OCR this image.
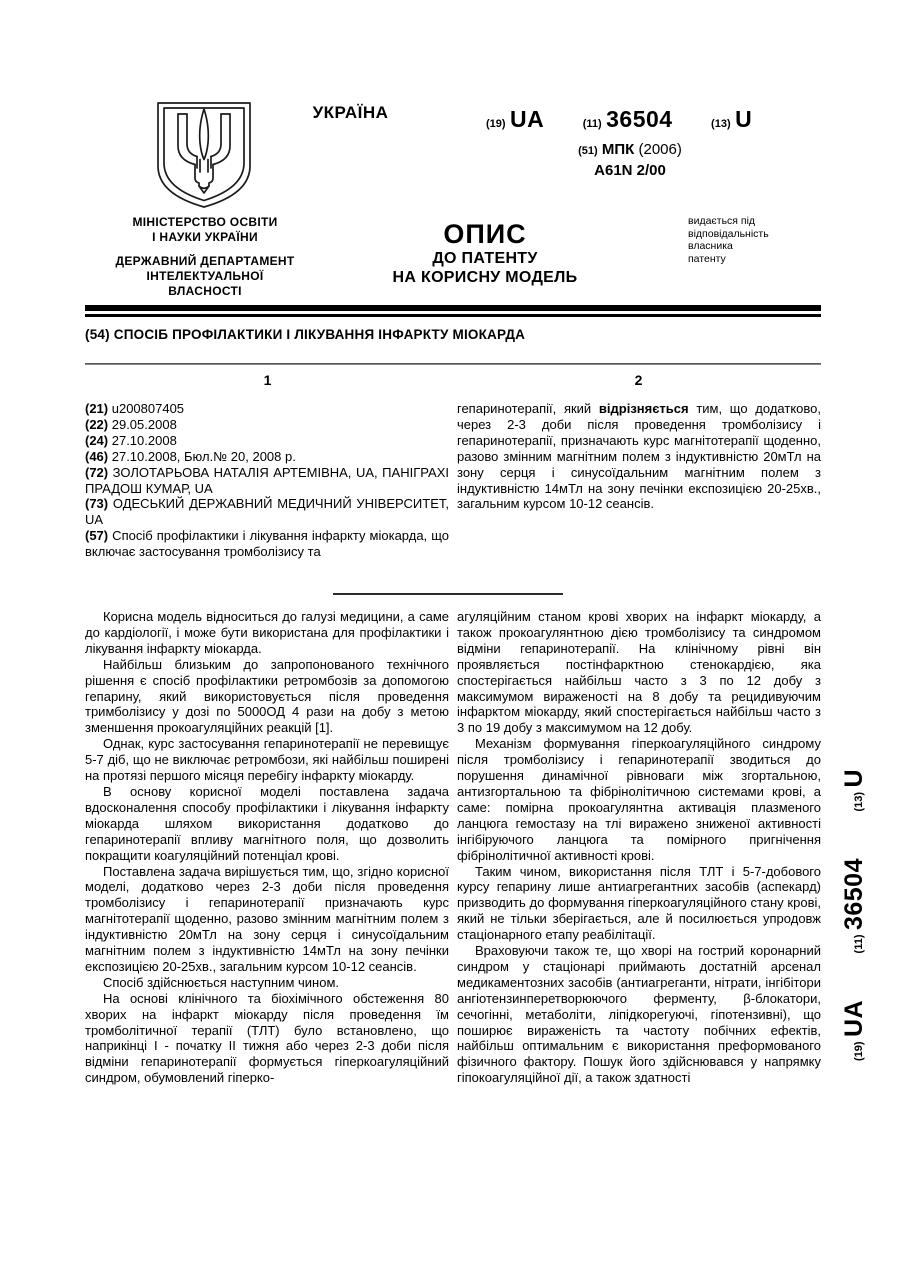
МІНІСТЕРСТВО ОСВІТИ
І НАУКИ УКРАЇНИ
ДЕРЖАВНИЙ ДЕПАРТАМЕНТ
ІНТЕЛЕКТУАЛЬНОЇ
ВЛАСНОСТІ
УКРАЇНА
(19) UA	(11) 36504	(13) U
(51) МПК (2006)
A61N 2/00
ОПИС
ДО ПАТЕНТУ
НА КОРИСНУ МОДЕЛЬ
видається під
відповідальність
власника
патенту
(54) СПОСІБ ПРОФІЛАКТИКИ І ЛІКУВАННЯ ІНФАРКТУ МІОКАРДА
1	2
(21) u200807405
(22) 29.05.2008
(24) 27.10.2008
(46) 27.10.2008, Бюл.№ 20, 2008 р.
(72) ЗОЛОТАРЬОВА НАТАЛІЯ АРТЕМІВНА, UA, ПАНІГРАХІ ПРАДОШ КУМАР, UA
(73) ОДЕСЬКИЙ ДЕРЖАВНИЙ МЕДИЧНИЙ УНІВЕРСИТЕТ, UA
(57) Спосіб профілактики і лікування інфаркту міокарда, що включає застосування тромболізису та
гепаринотерапії, який відрізняється тим, що додатково, через 2-3 доби після проведення тромболізису і гепаринотерапії, призначають курс магнітотерапії щоденно, разово змінним магнітним полем з індуктивністю 20мТл на зону серця і синусоїдальним магнітним полем з індуктивністю 14мТл на зону печінки експозицією 20-25хв., загальним курсом 10-12 сеансів.

Корисна модель відноситься до галузі медицини, а саме до кардіології, і може бути використана для профілактики і лікування інфаркту міокарда.

Найбільш близьким до запропонованого технічного рішення є спосіб профілактики ретромбозів за допомогою гепарину, який використовується після проведення тримболізису у дозі по 5000ОД 4 рази на добу з метою зменшення прокоагуляційних реакцій [1].

Однак, курс застосування гепаринотерапії не перевищує 5-7 діб, що не виключає ретромбози, які найбільш поширені на протязі першого місяця перебігу інфаркту міокарду.

В основу корисної моделі поставлена задача вдосконалення способу профілактики і лікування інфаркту міокарда шляхом використання додатково до гепаринотерапії впливу магнітного поля, що дозволить покращити коагуляційний потенціал крові.

Поставлена задача вирішується тим, що, згідно корисної моделі, додатково через 2-3 доби після проведення тромболізису і гепаринотерапії призначають курс магнітотерапії щоденно, разово змінним магнітним полем з індуктивністю 20мТл на зону серця і синусоїдальним магнітним полем з індуктивністю 14мТл на зону печінки експозицією 20-25хв., загальним курсом 10-12 сеансів.

Спосіб здійснюється наступним чином.

На основі клінічного та біохімічного обстеження 80 хворих на інфаркт міокарду після проведення їм тромболітичної терапії (ТЛТ) було встановлено, що наприкінці I - початку II тижня або через 2-3 доби після відміни гепаринотерапії формується гіперкоагуляційний синдром, обумовлений гіперко-

агуляційним станом крові хворих на інфаркт міокарду, а також прокоагулянтною дією тромболізису та синдромом відміни гепаринотерапії. На клінічному рівні він проявляється постінфарктною стенокардією, яка спостерігається найбільш часто з 3 по 12 добу з максимумом вираженості на 8 добу та рецидивуючим інфарктом міокарду, який спостерігається найбільш часто з 3 по 19 добу з максимумом на 12 добу.

Механізм формування гіперкоагуляційного синдрому після тромболізису і гепаринотерапії зводиться до порушення динамічної рівноваги між згортальною, антизгортальною та фібрінолітичною системами крові, а саме: помірна прокоагулянтна активація плазменого ланцюга гемостазу на тлі виражено зниженої активності інгібіруючого ланцюга та помірного пригнічення фібрінолітичної активності крові.

Таким чином, використання після ТЛТ і 5-7-добового курсу гепарину лише антиагрегантних засобів (аспекард) призводить до формування гіперкоагуляційного стану крові, який не тільки зберігається, але й посилюється упродовж стаціонарного етапу реабілітації.

Враховуючи також те, що хворі на гострий коронарний синдром у стаціонарі приймають достатній арсенал медикаментозних засобів (антиагреганти, нітрати, інгібітори ангіотензинперетворюючого ферменту, β-блокатори, сечогінні, метаболіти, ліпідкорегуючі, гіпотензивні), що поширює вираженість та частоту побічних ефектів, найбільш оптимальним є використання преформованого фізичного фактору. Пошук його здійснювався у напрямку гіпокоагуляційної дії, а також здатності

(19) UA (11) 36504 (13) U
